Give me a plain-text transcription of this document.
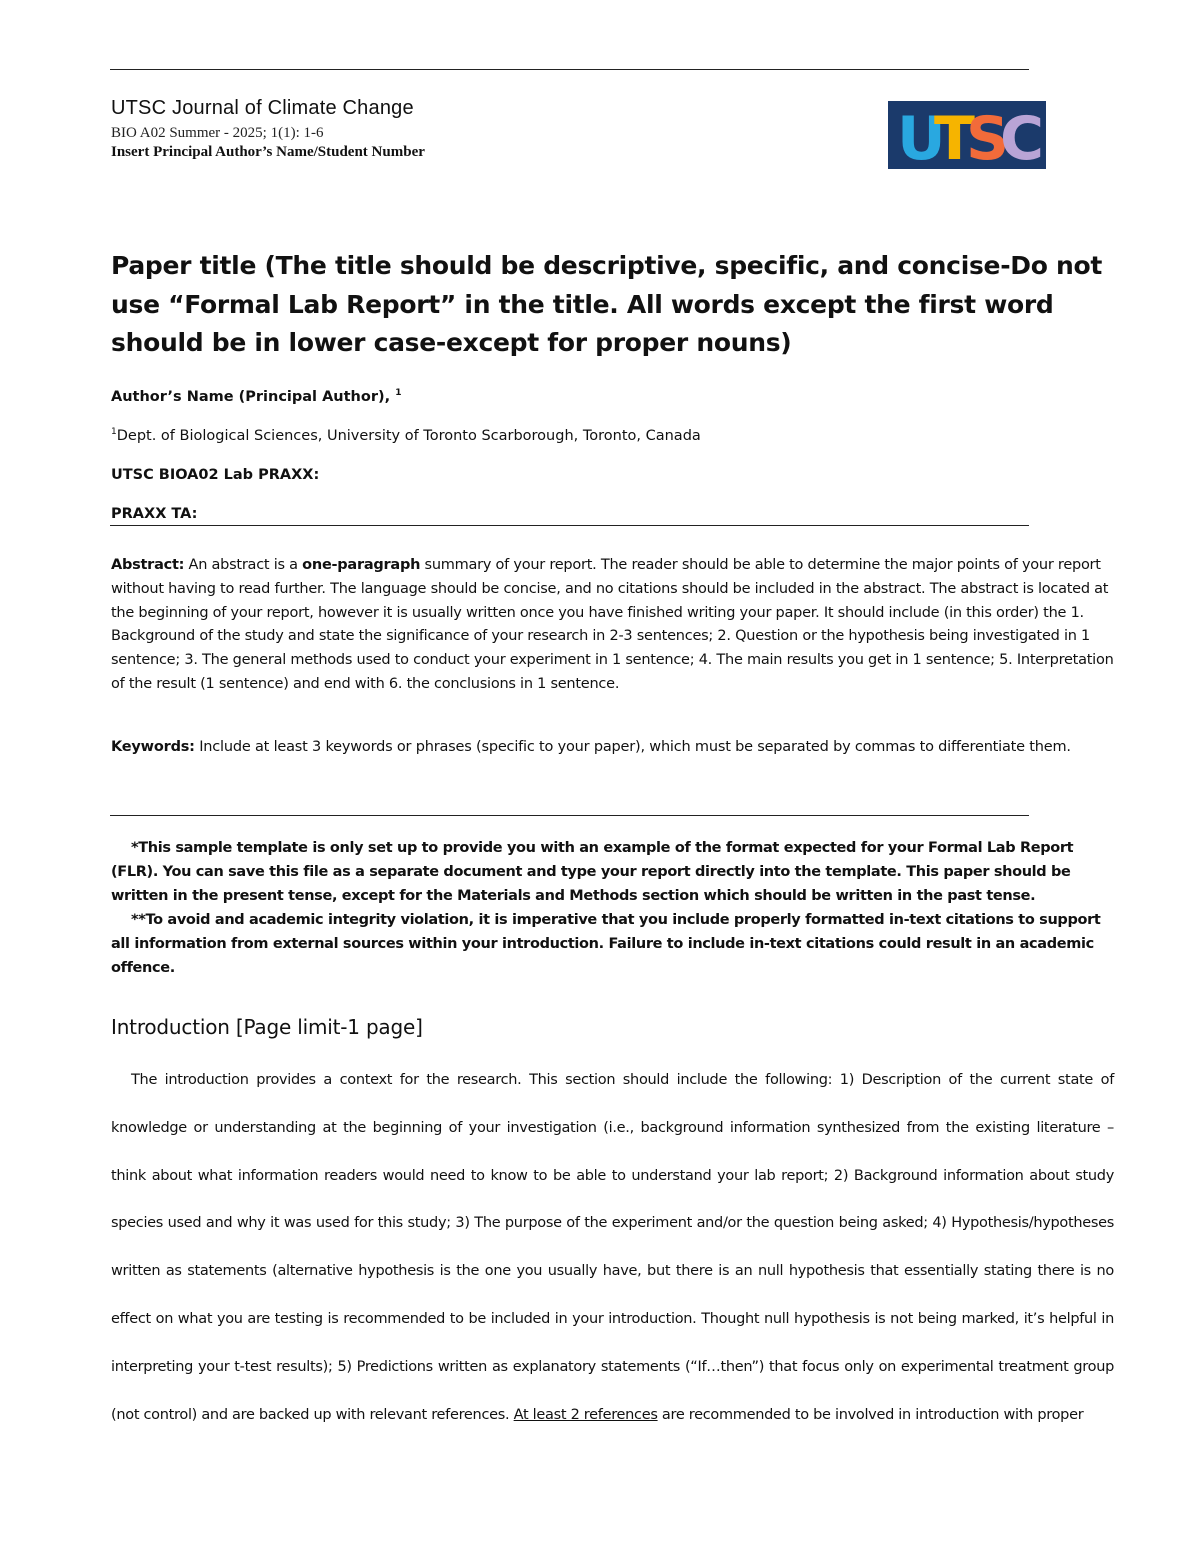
UTSC Journal of Climate Change
BIO A02 Summer - 2025; 1(1): 1-6
Insert Principal Author’s Name/Student Number	U
T
S
C
Paper title (The title should be descriptive, specific, and concise-Do not use “Formal Lab Report” in the title. All words except the first word should be in lower case-except for proper nouns)
Author’s Name (Principal Author), $^1$
$^1$Dept. of Biological Sciences, University of Toronto Scarborough, Toronto, Canada
UTSC BIOA02 Lab PRAXX:
PRAXX TA:
Abstract: An abstract is a one-paragraph summary of your report. The reader should be able to determine the major points of your report without having to read further. The language should be concise, and no citations should be included in the abstract. The abstract is located at the beginning of your report, however it is usually written once you have finished writing your paper. It should include (in this order) the 1. Background of the study and state the significance of your research in 2-3 sentences; 2. Question or the hypothesis being investigated in 1 sentence; 3. The general methods used to conduct your experiment in 1 sentence; 4. The main results you get in 1 sentence; 5. Interpretation of the result (1 sentence) and end with 6. the conclusions in 1 sentence.
Keywords: Include at least 3 keywords or phrases (specific to your paper), which must be separated by commas to differentiate them.

*This sample template is only set up to provide you with an example of the format expected for your Formal Lab Report (FLR). You can save this file as a separate document and type your report directly into the template. This paper should be written in the present tense, except for the Materials and Methods section which should be written in the past tense.

**To avoid and academic integrity violation, it is imperative that you include properly formatted in-text citations to support all information from external sources within your introduction. Failure to include in-text citations could result in an academic offence.

Introduction [Page limit-1 page]

The introduction provides a context for the research. This section should include the following: 1) Description of the current state of knowledge or understanding at the beginning of your investigation (i.e., background information synthesized from the existing literature – think about what information readers would need to know to be able to understand your lab report; 2) Background information about study species used and why it was used for this study; 3) The purpose of the experiment and/or the question being asked; 4) Hypothesis/hypotheses written as statements (alternative hypothesis is the one you usually have, but there is an null hypothesis that essentially stating there is no effect on what you are testing is recommended to be included in your introduction. Thought null hypothesis is not being marked, it’s helpful in interpreting your t-test results); 5) Predictions written as explanatory statements (“If…then”) that focus only on experimental treatment group (not control) and are backed up with relevant references. At least 2 references are recommended to be involved in introduction with proper
